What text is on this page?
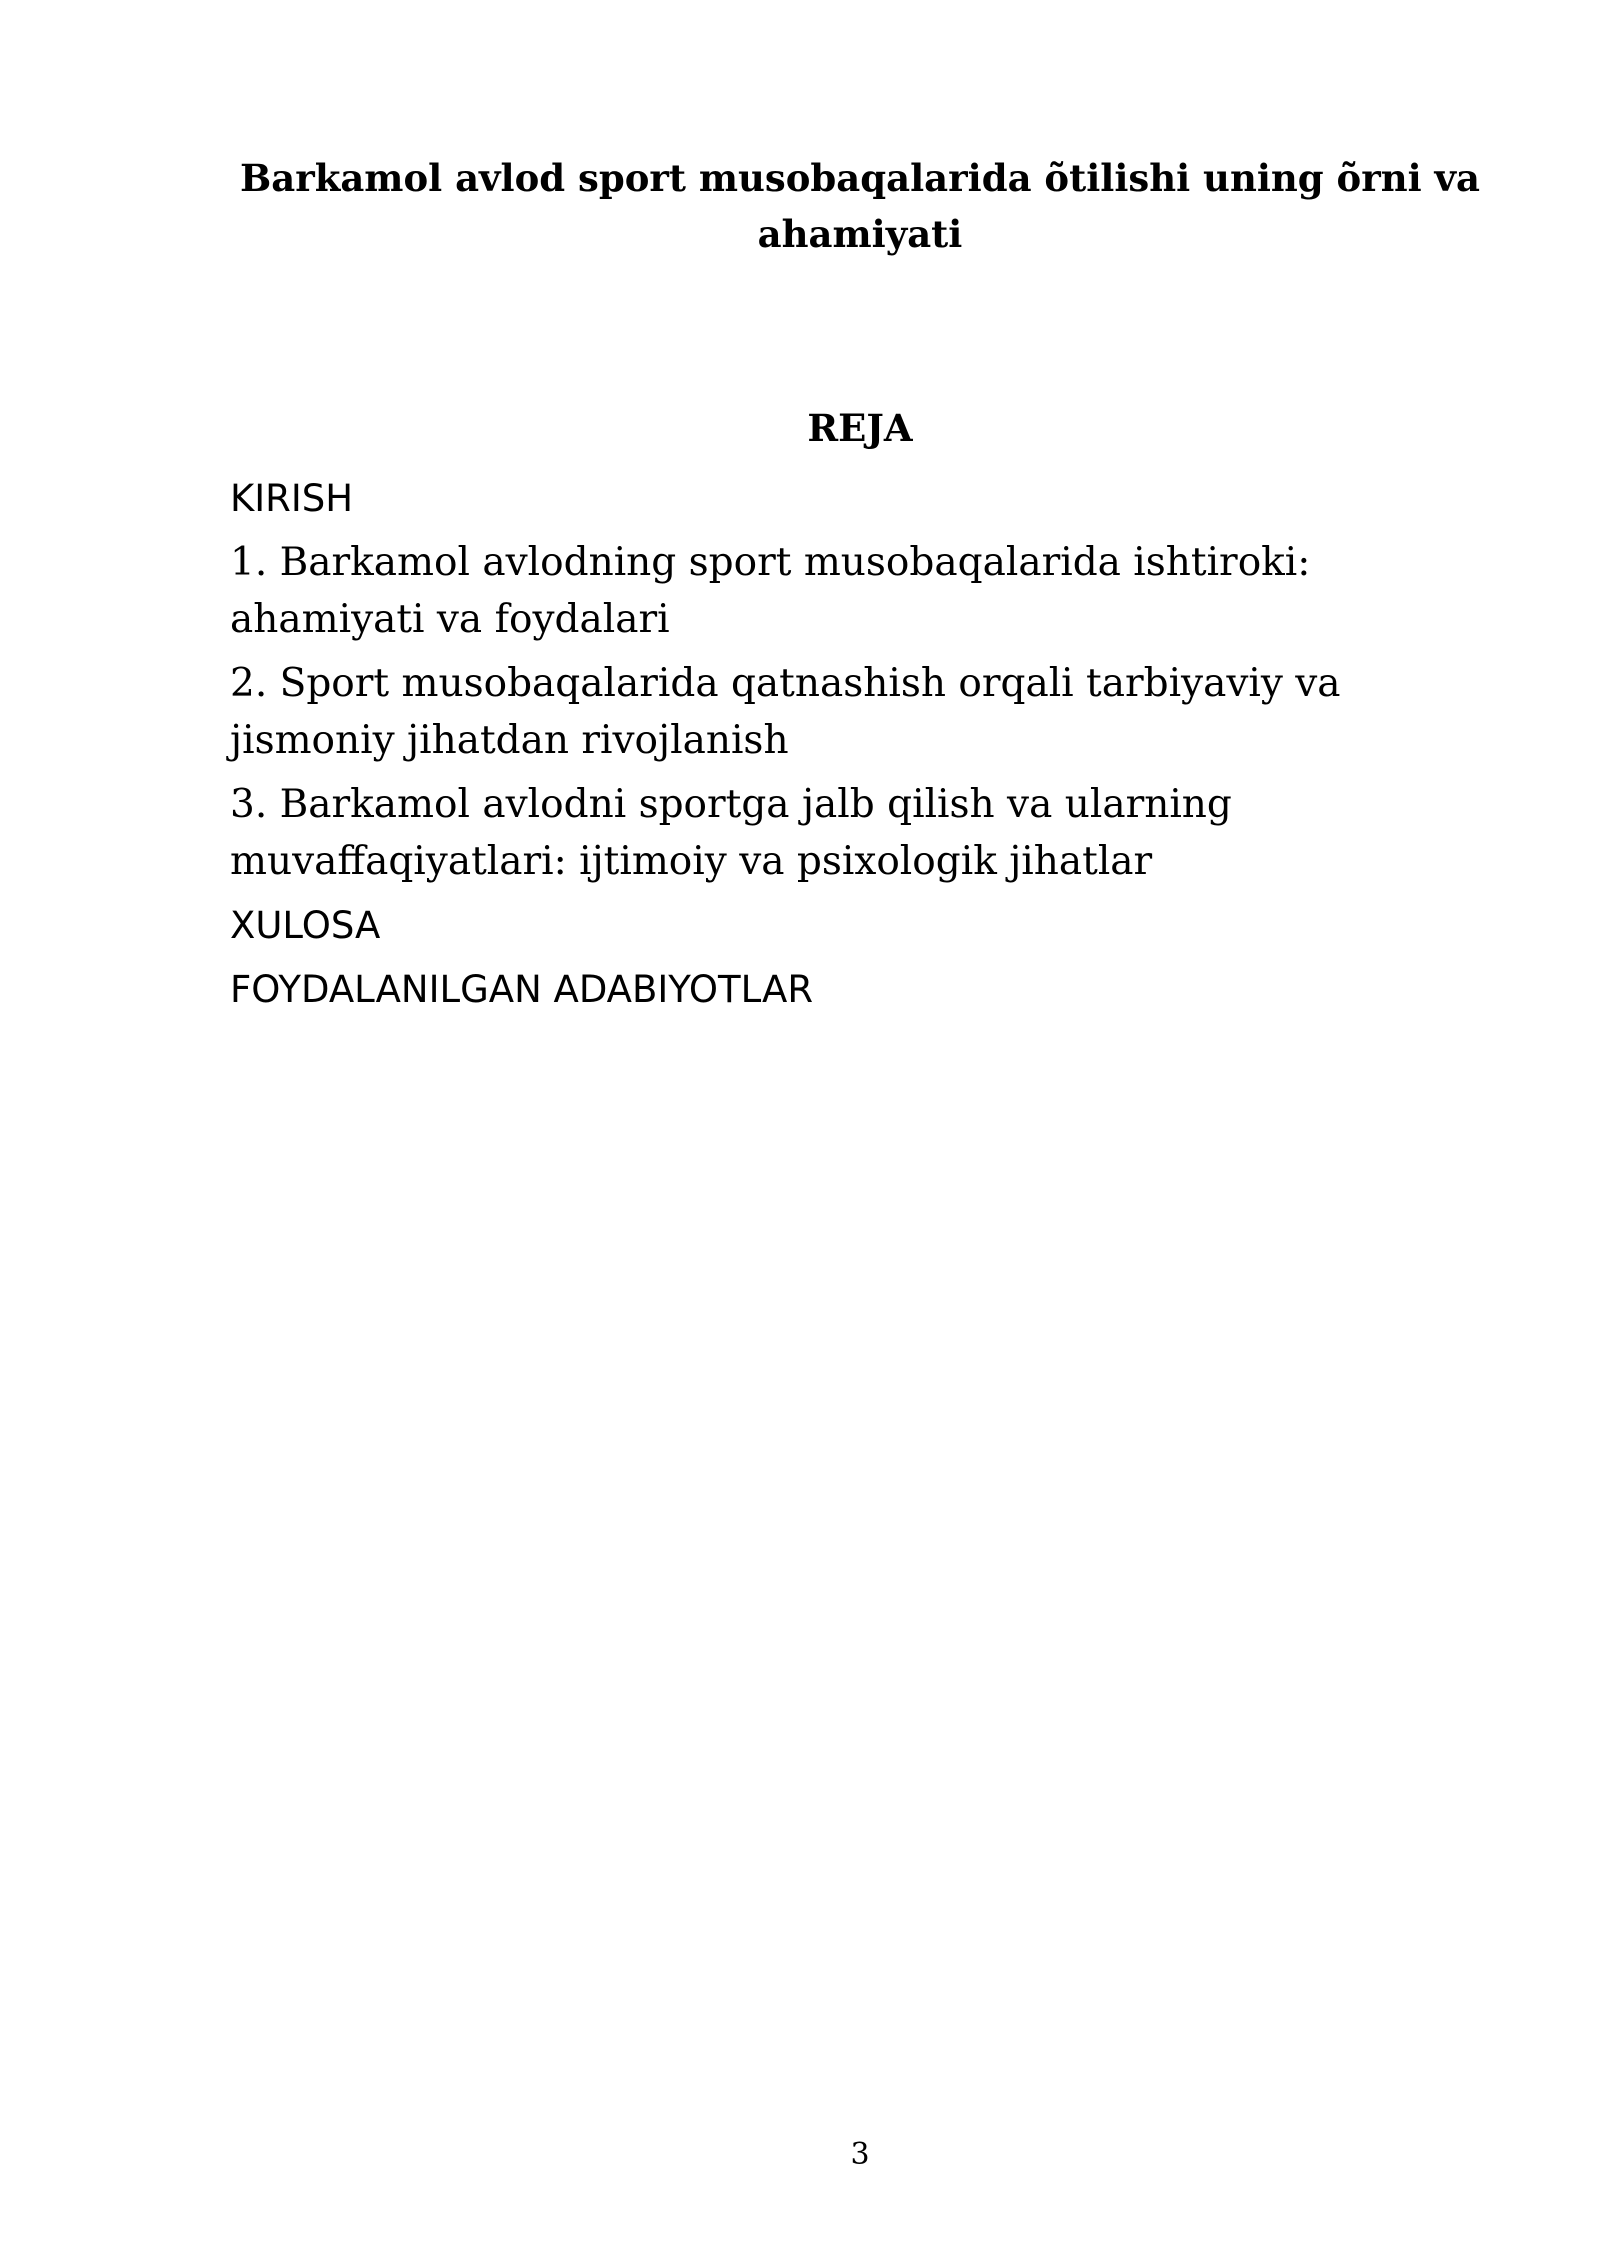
Barkamol avlod sport musobaqalarida õtilishi uning õrni va ahamiyati
REJA
KIRISH
1. Barkamol avlodning sport musobaqalarida ishtiroki: ahamiyati va foydalari
2. Sport musobaqalarida qatnashish orqali tarbiyaviy va jismoniy jihatdan rivojlanish
3. Barkamol avlodni sportga jalb qilish va ularning muvaffaqiyatlari: ijtimoiy va psixologik jihatlar
XULOSA
FOYDALANILGAN ADABIYOTLAR
3
